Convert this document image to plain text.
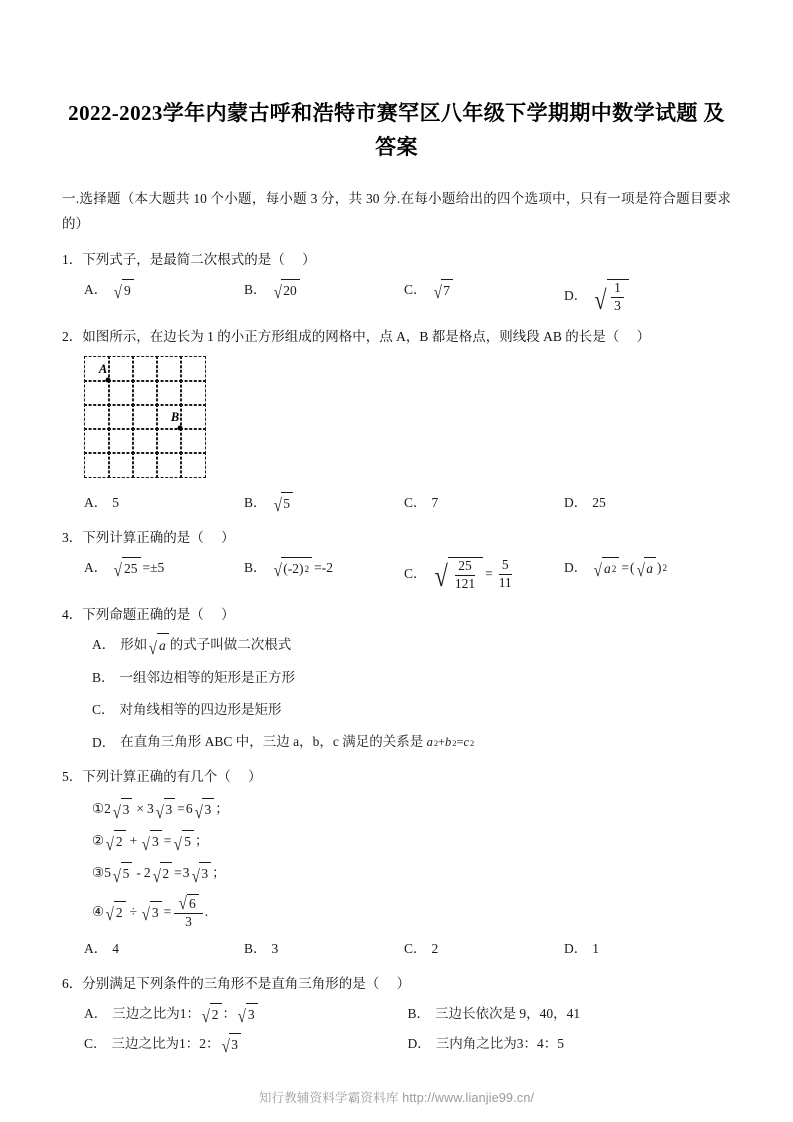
2022-2023学年内蒙古呼和浩特市赛罕区八年级下学期期中数学试题 及答案
一.选择题（本大题共 10 个小题，每小题 3 分，共 30 分.在每小题给出的四个选项中，只有一项是符合题目要求的）
1．下列式子，是最简二次根式的是（ ）
A． √ 9	B． √ 20	C． √ 7	D． √ $\frac{1}{3}$
2．如图所示，在边长为 1 的小正方形组成的网格中，点 A，B 都是格点，则线段 AB 的长是（ ）
A
B
A． 5	B． √ 5	C． 7	D． 25
3．下列计算正确的是（ ）
A． √ 25 =±5	B． √ (-2) 2 =-2	C． √ $\frac{25}{121} = \frac{5}{11}$	D． √ a 2 = ( √ a ) 2
4．下列命题正确的是（ ）
A． 形如 √ a 的式子叫做二次根式
B． 一组邻边相等的矩形是正方形
C． 对角线相等的四边形是矩形
D． 在直角三角形 ABC 中，三边 a，b，c 满足的关系是 a 2 + b 2 = c 2
5．下列计算正确的有几个（ ）
① 2 √ 3 × 3 √ 3 = 6 √ 3 ；
② √ 2 + √ 3 = √ 5 ；
③ 5 √ 5 - 2 √ 2 = 3 √ 3 ；
④ √ 2 ÷ √ $3 = \frac{√ 6}{3}$ .
A． 4	B． 3	C． 2	D． 1
6．分别满足下列条件的三角形不是直角三角形的是（ ）
A． 三边之比为1： √ 2 ： √ 3	B． 三边长依次是 9，40，41
C． 三边之比为1：2： √ 3	D． 三内角之比为3：4：5
知行教辅资料学霸资料库 http://www.lianjie99.cn/
